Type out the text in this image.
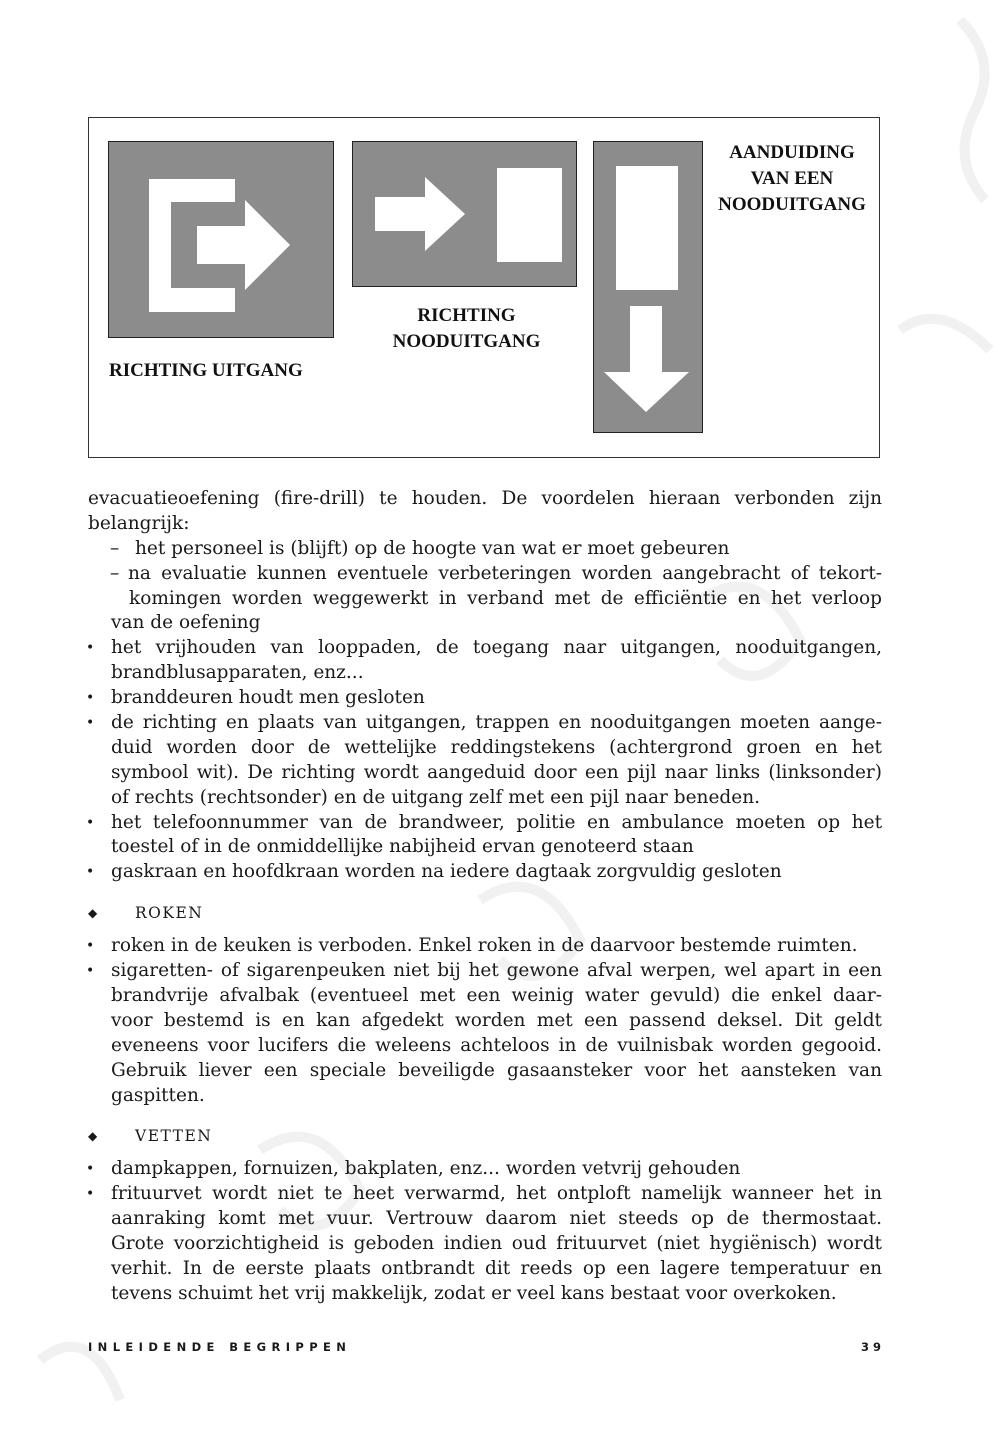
RICHTING UITGANG
RICHTING
NOODUITGANG
AANDUIDING
VAN EEN
NOODUITGANG
evacuatieoefening (fire-drill) te houden. De voordelen hieraan verbonden zijn
belangrijk:
– het personeel is (blijft) op de hoogte van wat er moet gebeuren
– na evaluatie kunnen eventuele verbeteringen worden aangebracht of tekort-
komingen worden weggewerkt in verband met de efficiëntie en het verloop
van de oefening
• het vrijhouden van looppaden, de toegang naar uitgangen, nooduitgangen,
brandblusapparaten, enz...
• branddeuren houdt men gesloten
• de richting en plaats van uitgangen, trappen en nooduitgangen moeten aange-
duid worden door de wettelijke reddingstekens (achtergrond groen en het
symbool wit). De richting wordt aangeduid door een pijl naar links (linksonder)
of rechts (rechtsonder) en de uitgang zelf met een pijl naar beneden.
• het telefoonnummer van de brandweer, politie en ambulance moeten op het
toestel of in de onmiddellijke nabijheid ervan genoteerd staan
• gaskraan en hoofdkraan worden na iedere dagtaak zorgvuldig gesloten
◆ ROKEN
• roken in de keuken is verboden. Enkel roken in de daarvoor bestemde ruimten.
• sigaretten- of sigarenpeuken niet bij het gewone afval werpen, wel apart in een
brandvrije afvalbak (eventueel met een weinig water gevuld) die enkel daar-
voor bestemd is en kan afgedekt worden met een passend deksel. Dit geldt
eveneens voor lucifers die weleens achteloos in de vuilnisbak worden gegooid.
Gebruik liever een speciale beveiligde gasaansteker voor het aansteken van
gaspitten.
◆ VETTEN
• dampkappen, fornuizen, bakplaten, enz... worden vetvrij gehouden
• frituurvet wordt niet te heet verwarmd, het ontploft namelijk wanneer het in
aanraking komt met vuur. Vertrouw daarom niet steeds op de thermostaat.
Grote voorzichtigheid is geboden indien oud frituurvet (niet hygiënisch) wordt
verhit. In de eerste plaats ontbrandt dit reeds op een lagere temperatuur en
tevens schuimt het vrij makkelijk, zodat er veel kans bestaat voor overkoken.
INLEIDENDE BEGRIPPEN	39
